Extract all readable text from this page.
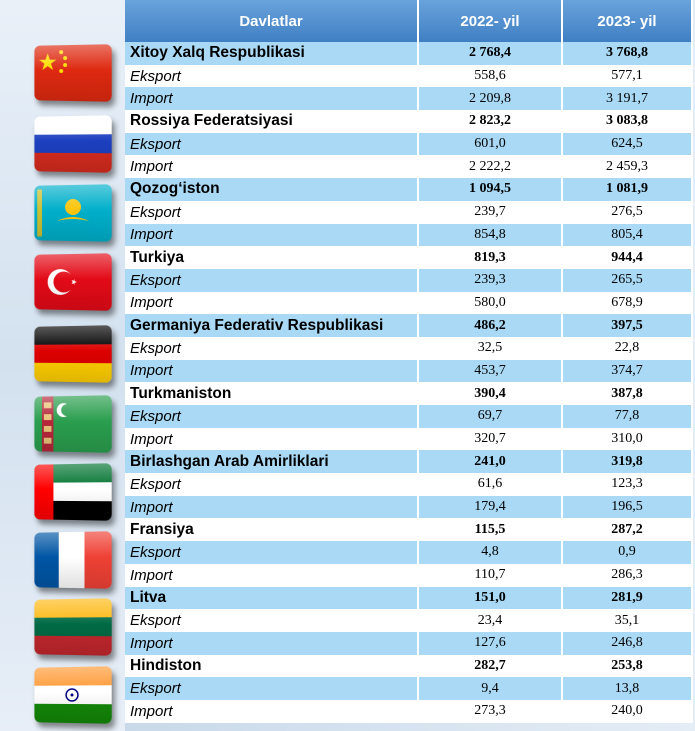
Davlatlar	2022- yil	2023- yil
Xitoy Xalq Respublikasi	2 768,4	3 768,8
Eksport	558,6	577,1
Import	2 209,8	3 191,7
Rossiya Federatsiyasi	2 823,2	3 083,8
Eksport	601,0	624,5
Import	2 222,2	2 459,3
Qozog‘iston	1 094,5	1 081,9
Eksport	239,7	276,5
Import	854,8	805,4
Turkiya	819,3	944,4
Eksport	239,3	265,5
Import	580,0	678,9
Germaniya Federativ Respublikasi	486,2	397,5
Eksport	32,5	22,8
Import	453,7	374,7
Turkmaniston	390,4	387,8
Eksport	69,7	77,8
Import	320,7	310,0
Birlashgan Arab Amirliklari	241,0	319,8
Eksport	61,6	123,3
Import	179,4	196,5
Fransiya	115,5	287,2
Eksport	4,8	0,9
Import	110,7	286,3
Litva	151,0	281,9
Eksport	23,4	35,1
Import	127,6	246,8
Hindiston	282,7	253,8
Eksport	9,4	13,8
Import	273,3	240,0
